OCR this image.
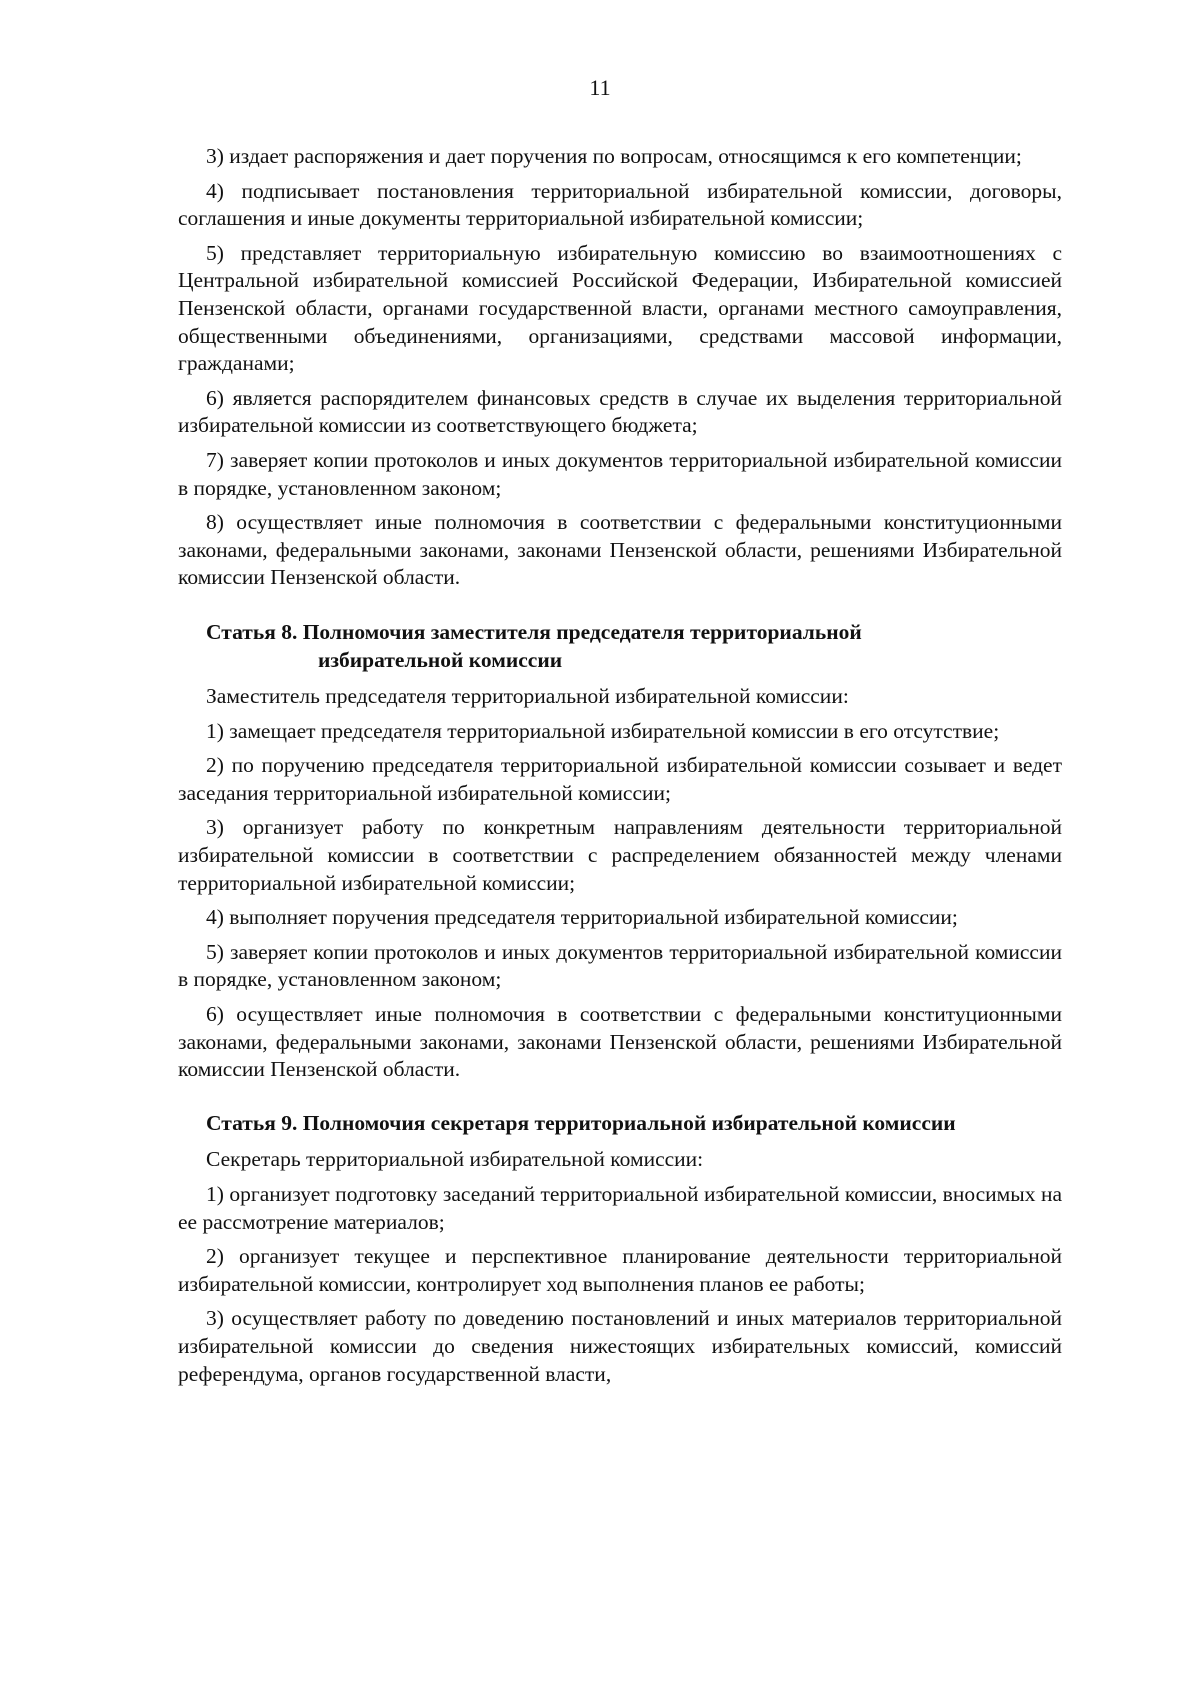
11

3) издает распоряжения и дает поручения по вопросам, относящимся к его компетенции;

4) подписывает постановления территориальной избирательной комиссии, договоры, соглашения и иные документы территориальной избирательной комиссии;

5) представляет территориальную избирательную комиссию во взаимоотношениях с Центральной избирательной комиссией Российской Федерации, Избирательной комиссией Пензенской области, органами государственной власти, органами местного самоуправления, общественными объединениями, организациями, средствами массовой информации, гражданами;

6) является распорядителем финансовых средств в случае их выделения территориальной избирательной комиссии из соответствующего бюджета;

7) заверяет копии протоколов и иных документов территориальной избирательной комиссии в порядке, установленном законом;

8) осуществляет иные полномочия в соответствии с федеральными конституционными законами, федеральными законами, законами Пензенской области, решениями Избирательной комиссии Пензенской области.

Статья 8. Полномочия заместителя председателя территориальной
избирательной комиссии

Заместитель председателя территориальной избирательной комиссии:

1) замещает председателя территориальной избирательной комиссии в его отсутствие;

2) по поручению председателя территориальной избирательной комиссии созывает и ведет заседания территориальной избирательной комиссии;

3) организует работу по конкретным направлениям деятельности территориальной избирательной комиссии в соответствии с распределением обязанностей между членами территориальной избирательной комиссии;

4) выполняет поручения председателя территориальной избирательной комиссии;

5) заверяет копии протоколов и иных документов территориальной избирательной комиссии в порядке, установленном законом;

6) осуществляет иные полномочия в соответствии с федеральными конституционными законами, федеральными законами, законами Пензенской области, решениями Избирательной комиссии Пензенской области.

Статья 9. Полномочия секретаря территориальной избирательной комиссии

Секретарь территориальной избирательной комиссии:

1) организует подготовку заседаний территориальной избирательной комиссии, вносимых на ее рассмотрение материалов;

2) организует текущее и перспективное планирование деятельности территориальной избирательной комиссии, контролирует ход выполнения планов ее работы;

3) осуществляет работу по доведению постановлений и иных материалов территориальной избирательной комиссии до сведения нижестоящих избирательных комиссий, комиссий референдума, органов государственной власти,
